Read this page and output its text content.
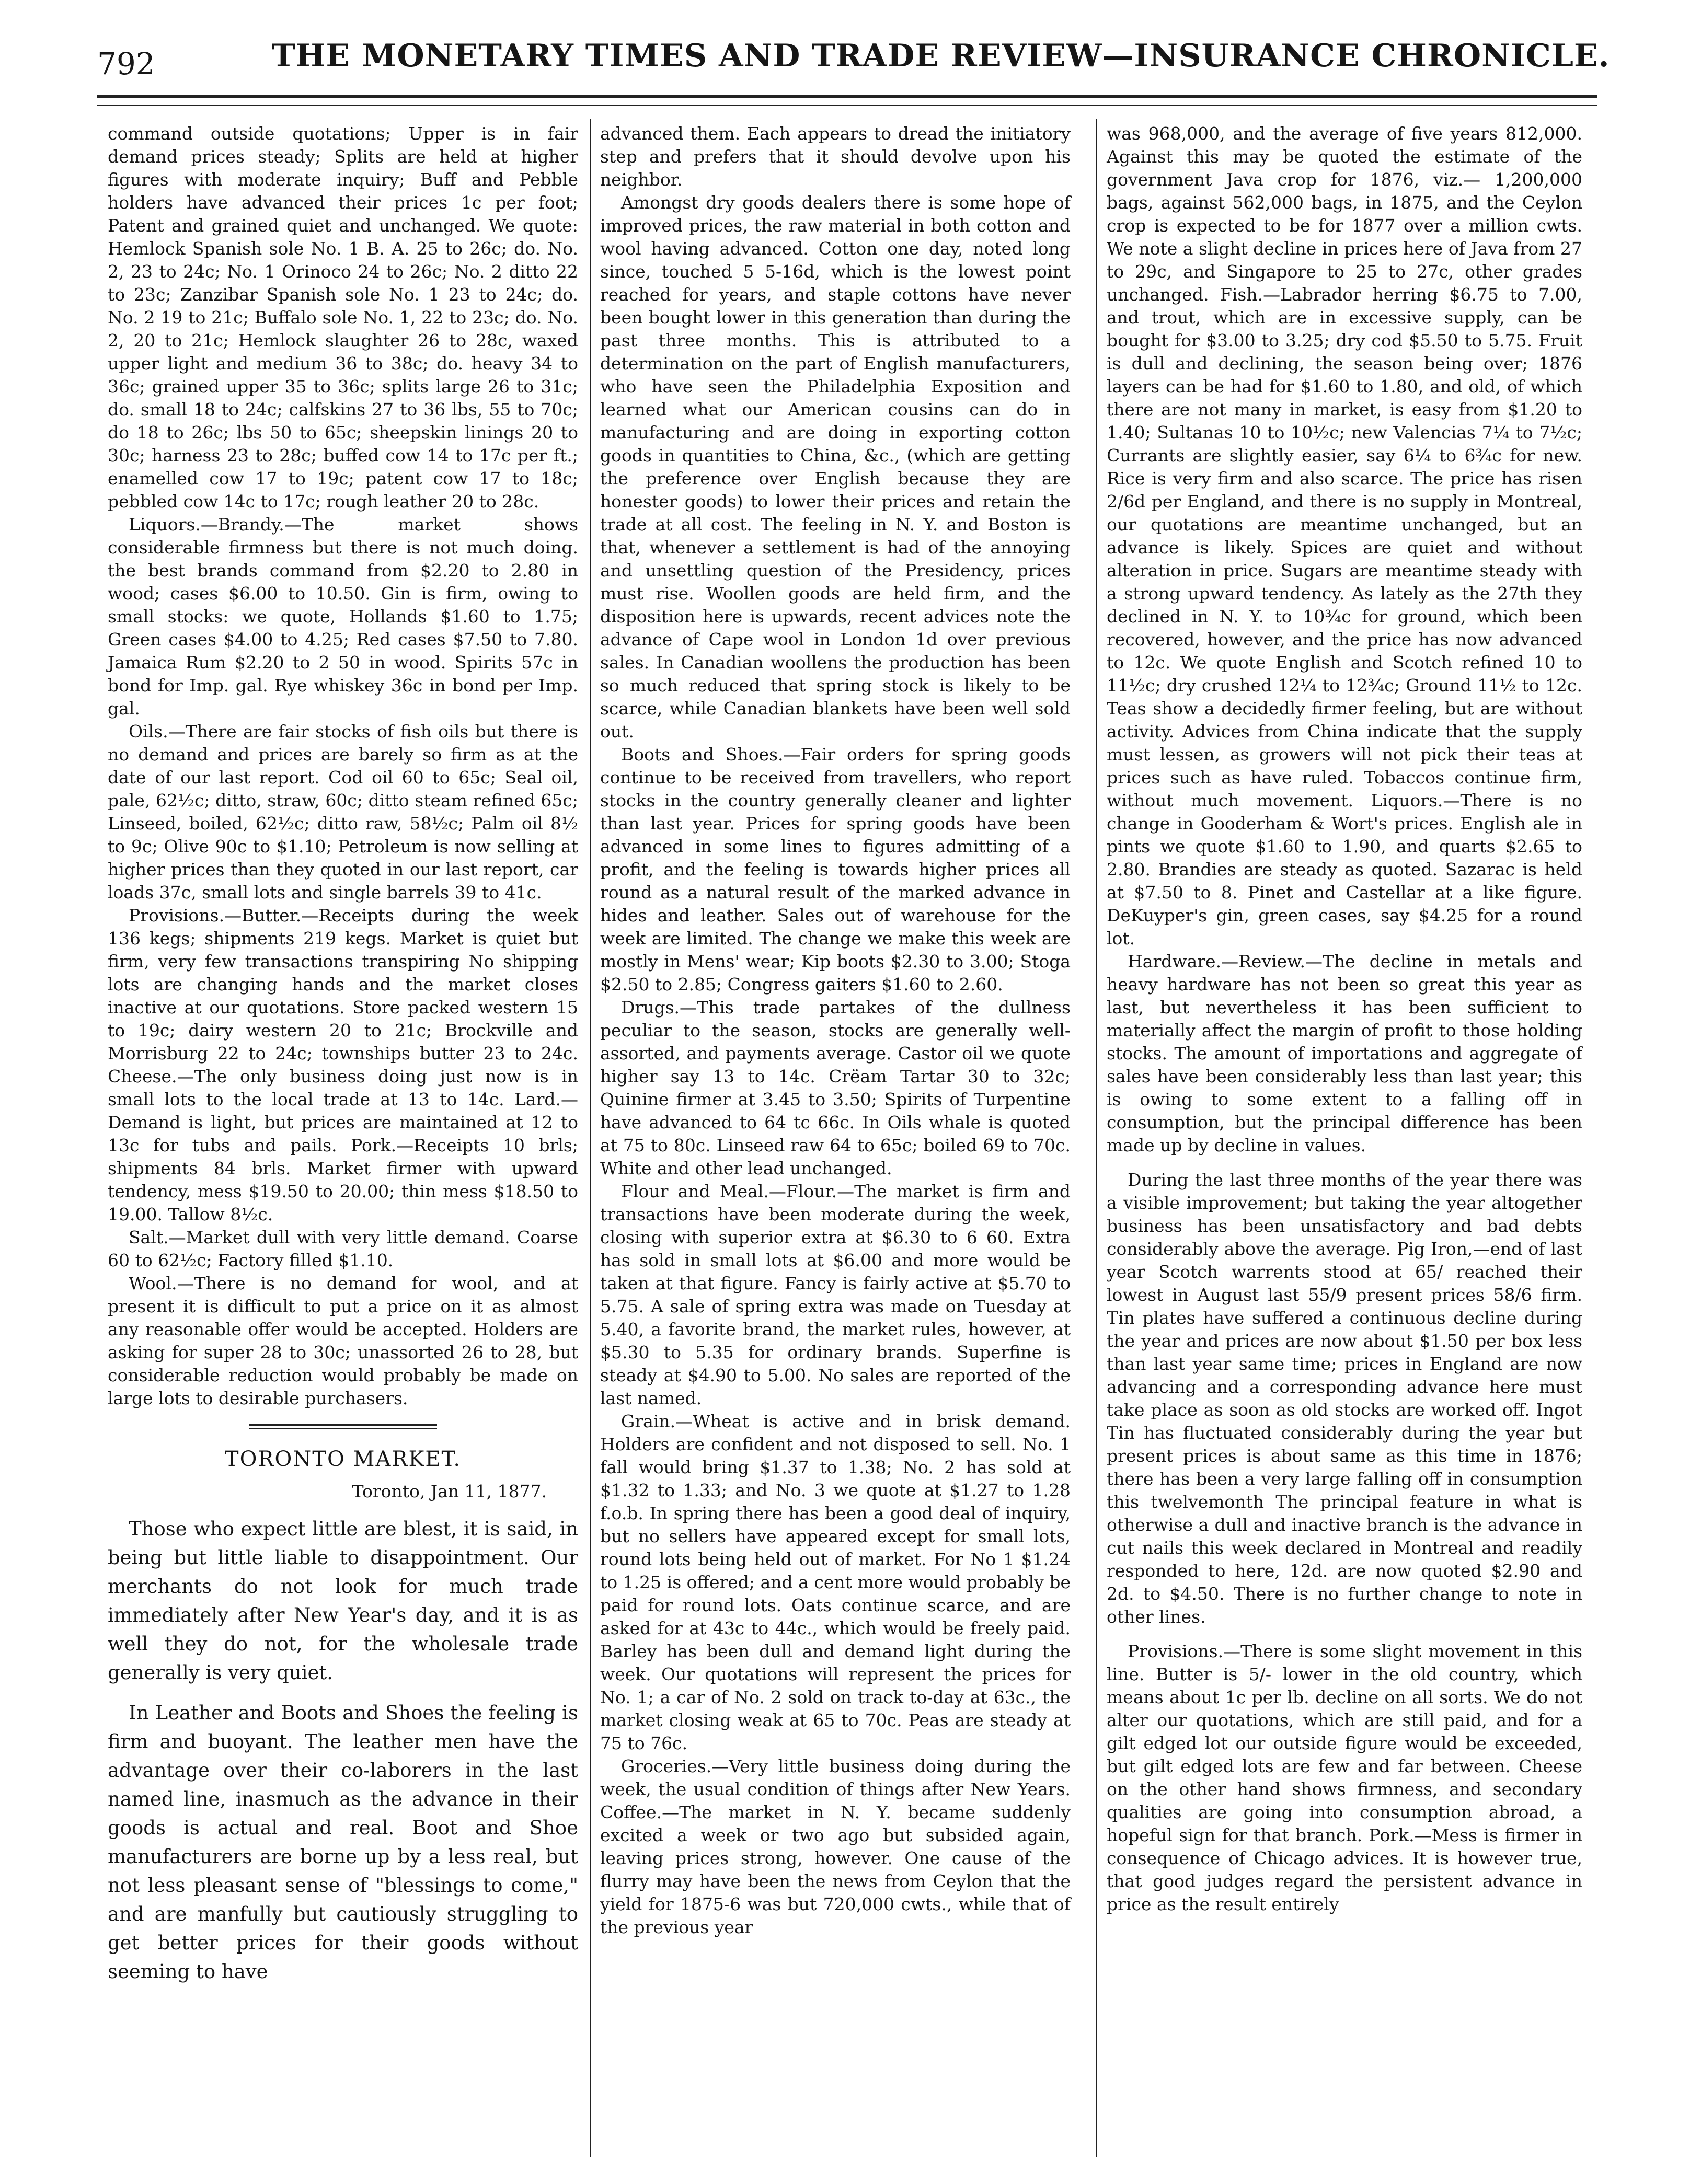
792	THE MONETARY TIMES AND TRADE REVIEW—INSURANCE CHRONICLE.

command outside quotations; Upper is in fair demand prices steady; Splits are held at higher figures with moderate inquiry; Buff and Pebble holders have advanced their prices 1c per foot; Patent and grained quiet and unchanged. We quote: Hemlock Spanish sole No. 1 B. A. 25 to 26c; do. No. 2, 23 to 24c; No. 1 Orinoco 24 to 26c; No. 2 ditto 22 to 23c; Zanzibar Spanish sole No. 1 23 to 24c; do. No. 2 19 to 21c; Buffalo sole No. 1, 22 to 23c; do. No. 2, 20 to 21c; Hemlock slaughter 26 to 28c, waxed upper light and medium 36 to 38c; do. heavy 34 to 36c; grained upper 35 to 36c; splits large 26 to 31c; do. small 18 to 24c; calfskins 27 to 36 lbs, 55 to 70c; do 18 to 26c; lbs 50 to 65c; sheepskin linings 20 to 30c; harness 23 to 28c; buffed cow 14 to 17c per ft.; enamelled cow 17 to 19c; patent cow 17 to 18c; pebbled cow 14c to 17c; rough leather 20 to 28c.

Liquors.—Brandy.—The market shows considerable firmness but there is not much doing. the best brands command from $2.20 to 2.80 in wood; cases $6.00 to 10.50. Gin is firm, owing to small stocks: we quote, Hollands $1.60 to 1.75; Green cases $4.00 to 4.25; Red cases $7.50 to 7.80. Jamaica Rum $2.20 to 2 50 in wood. Spirits 57c in bond for Imp. gal. Rye whiskey 36c in bond per Imp. gal.

Oils.—There are fair stocks of fish oils but there is no demand and prices are barely so firm as at the date of our last report. Cod oil 60 to 65c; Seal oil, pale, 62½c; ditto, straw, 60c; ditto steam refined 65c; Linseed, boiled, 62½c; ditto raw, 58½c; Palm oil 8½ to 9c; Olive 90c to $1.10; Petroleum is now selling at higher prices than they quoted in our last report, car loads 37c, small lots and single barrels 39 to 41c.

Provisions.—Butter.—Receipts during the week 136 kegs; shipments 219 kegs. Market is quiet but firm, very few transactions transpiring No shipping lots are changing hands and the market closes inactive at our quotations. Store packed western 15 to 19c; dairy western 20 to 21c; Brockville and Morrisburg 22 to 24c; townships butter 23 to 24c. Cheese.—The only business doing just now is in small lots to the local trade at 13 to 14c. Lard.—Demand is light, but prices are maintained at 12 to 13c for tubs and pails. Pork.—Receipts 10 brls; shipments 84 brls. Market firmer with upward tendency, mess $19.50 to 20.00; thin mess $18.50 to 19.00. Tallow 8½c.

Salt.—Market dull with very little demand. Coarse 60 to 62½c; Factory filled $1.10.

Wool.—There is no demand for wool, and at present it is difficult to put a price on it as almost any reasonable offer would be accepted. Holders are asking for super 28 to 30c; unassorted 26 to 28, but considerable reduction would probably be made on large lots to desirable purchasers.

TORONTO MARKET.
Toronto, Jan 11, 1877.

Those who expect little are blest, it is said, in being but little liable to disappointment. Our merchants do not look for much trade immediately after New Year's day, and it is as well they do not, for the wholesale trade generally is very quiet.

In Leather and Boots and Shoes the feeling is firm and buoyant. The leather men have the advantage over their co-laborers in the last named line, inasmuch as the advance in their goods is actual and real. Boot and Shoe manufacturers are borne up by a less real, but not less pleasant sense of "blessings to come," and are manfully but cautiously struggling to get better prices for their goods without seeming to have

advanced them. Each appears to dread the initiatory step and prefers that it should devolve upon his neighbor.

Amongst dry goods dealers there is some hope of improved prices, the raw material in both cotton and wool having advanced. Cotton one day, noted long since, touched 5 5-16d, which is the lowest point reached for years, and staple cottons have never been bought lower in this generation than during the past three months. This is attributed to a determination on the part of English manufacturers, who have seen the Philadelphia Exposition and learned what our American cousins can do in manufacturing and are doing in exporting cotton goods in quantities to China, &c., (which are getting the preference over English because they are honester goods) to lower their prices and retain the trade at all cost. The feeling in N. Y. and Boston is that, whenever a settlement is had of the annoying and unsettling question of the Presidency, prices must rise. Woollen goods are held firm, and the disposition here is upwards, recent advices note the advance of Cape wool in London 1d over previous sales. In Canadian woollens the production has been so much reduced that spring stock is likely to be scarce, while Canadian blankets have been well sold out.

Boots and Shoes.—Fair orders for spring goods continue to be received from travellers, who report stocks in the country generally cleaner and lighter than last year. Prices for spring goods have been advanced in some lines to figures admitting of a profit, and the feeling is towards higher prices all round as a natural result of the marked advance in hides and leather. Sales out of warehouse for the week are limited. The change we make this week are mostly in Mens' wear; Kip boots $2.30 to 3.00; Stoga $2.50 to 2.85; Congress gaiters $1.60 to 2.60.

Drugs.—This trade partakes of the dullness peculiar to the season, stocks are generally well-assorted, and payments average. Castor oil we quote higher say 13 to 14c. Crëam Tartar 30 to 32c; Quinine firmer at 3.45 to 3.50; Spirits of Turpentine have advanced to 64 tc 66c. In Oils whale is quoted at 75 to 80c. Linseed raw 64 to 65c; boiled 69 to 70c. White and other lead unchanged.

Flour and Meal.—Flour.—The market is firm and transactions have been moderate during the week, closing with superior extra at $6.30 to 6 60. Extra has sold in small lots at $6.00 and more would be taken at that figure. Fancy is fairly active at $5.70 to 5.75. A sale of spring extra was made on Tuesday at 5.40, a favorite brand, the market rules, however, at $5.30 to 5.35 for ordinary brands. Superfine is steady at $4.90 to 5.00. No sales are reported of the last named.

Grain.—Wheat is active and in brisk demand. Holders are confident and not disposed to sell. No. 1 fall would bring $1.37 to 1.38; No. 2 has sold at $1.32 to 1.33; and No. 3 we quote at $1.27 to 1.28 f.o.b. In spring there has been a good deal of inquiry, but no sellers have appeared except for small lots, round lots being held out of market. For No 1 $1.24 to 1.25 is offered; and a cent more would probably be paid for round lots. Oats continue scarce, and are asked for at 43c to 44c., which would be freely paid. Barley has been dull and demand light during the week. Our quotations will represent the prices for No. 1; a car of No. 2 sold on track to-day at 63c., the market closing weak at 65 to 70c. Peas are steady at 75 to 76c.

Groceries.—Very little business doing during the week, the usual condition of things after New Years. Coffee.—The market in N. Y. became suddenly excited a week or two ago but subsided again, leaving prices strong, however. One cause of the flurry may have been the news from Ceylon that the yield for 1875-6 was but 720,000 cwts., while that of the previous year

was 968,000, and the average of five years 812,000. Against this may be quoted the estimate of the government Java crop for 1876, viz.— 1,200,000 bags, against 562,000 bags, in 1875, and the Ceylon crop is expected to be for 1877 over a million cwts. We note a slight decline in prices here of Java from 27 to 29c, and Singapore to 25 to 27c, other grades unchanged. Fish.—Labrador herring $6.75 to 7.00, and trout, which are in excessive supply, can be bought for $3.00 to 3.25; dry cod $5.50 to 5.75. Fruit is dull and declining, the season being over; 1876 layers can be had for $1.60 to 1.80, and old, of which there are not many in market, is easy from $1.20 to 1.40; Sultanas 10 to 10½c; new Valencias 7¼ to 7½c; Currants are slightly easier, say 6¼ to 6¾c for new. Rice is very firm and also scarce. The price has risen 2/6d per England, and there is no supply in Montreal, our quotations are meantime unchanged, but an advance is likely. Spices are quiet and without alteration in price. Sugars are meantime steady with a strong upward tendency. As lately as the 27th they declined in N. Y. to 10¾c for ground, which been recovered, however, and the price has now advanced to 12c. We quote English and Scotch refined 10 to 11½c; dry crushed 12¼ to 12¾c; Ground 11½ to 12c. Teas show a decidedly firmer feeling, but are without activity. Advices from China indicate that the supply must lessen, as growers will not pick their teas at prices such as have ruled. Tobaccos continue firm, without much movement. Liquors.—There is no change in Gooderham & Wort's prices. English ale in pints we quote $1.60 to 1.90, and quarts $2.65 to 2.80. Brandies are steady as quoted. Sazarac is held at $7.50 to 8. Pinet and Castellar at a like figure. DeKuyper's gin, green cases, say $4.25 for a round lot.

Hardware.—Review.—The decline in metals and heavy hardware has not been so great this year as last, but nevertheless it has been sufficient to materially affect the margin of profit to those holding stocks. The amount of importations and aggregate of sales have been considerably less than last year; this is owing to some extent to a falling off in consumption, but the principal difference has been made up by decline in values.

During the last three months of the year there was a visible improvement; but taking the year altogether business has been unsatisfactory and bad debts considerably above the average. Pig Iron,—end of last year Scotch warrents stood at 65/ reached their lowest in August last 55/9 present prices 58/6 firm. Tin plates have suffered a continuous decline during the year and prices are now about $1.50 per box less than last year same time; prices in England are now advancing and a corresponding advance here must take place as soon as old stocks are worked off. Ingot Tin has fluctuated considerably during the year but present prices is about same as this time in 1876; there has been a very large falling off in consumption this twelvemonth The principal feature in what is otherwise a dull and inactive branch is the advance in cut nails this week declared in Montreal and readily responded to here, 12d. are now quoted $2.90 and 2d. to $4.50. There is no further change to note in other lines.

Provisions.—There is some slight movement in this line. Butter is 5/- lower in the old country, which means about 1c per lb. decline on all sorts. We do not alter our quotations, which are still paid, and for a gilt edged lot our outside figure would be exceeded, but gilt edged lots are few and far between. Cheese on the other hand shows firmness, and secondary qualities are going into consumption abroad, a hopeful sign for that branch. Pork.—Mess is firmer in consequence of Chicago advices. It is however true, that good judges regard the persistent advance in price as the result entirely
